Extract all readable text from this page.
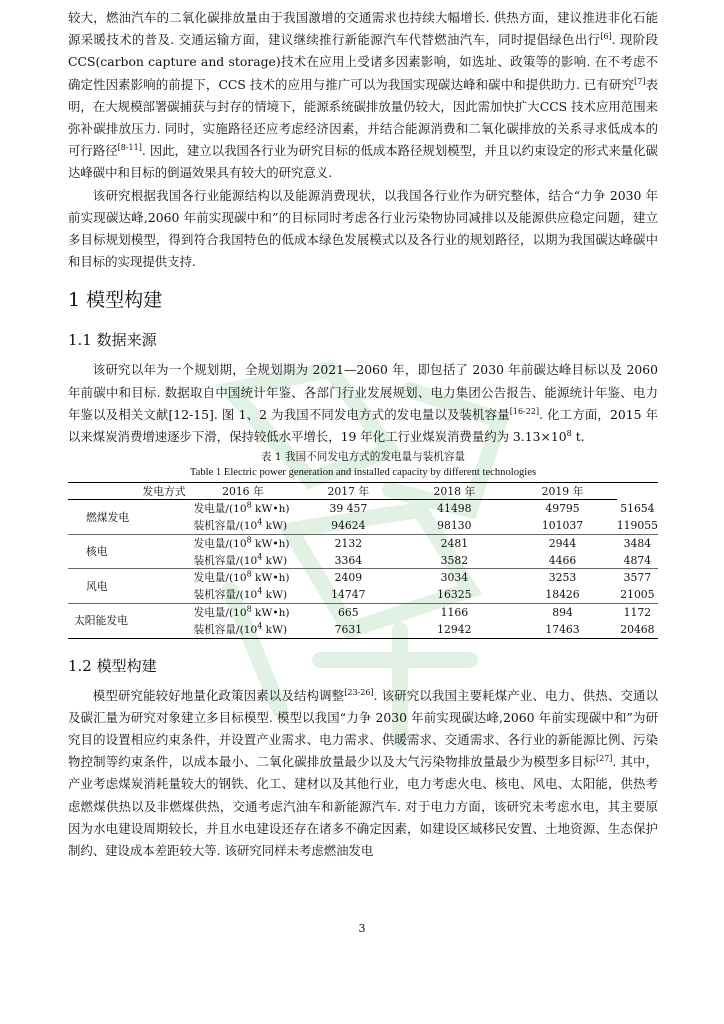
较大，燃油汽车的二氧化碳排放量由于我国激增的交通需求也持续大幅增长. 供热方面，建议推进非化石能源采暖技术的普及. 交通运输方面，建议继续推行新能源汽车代替燃油汽车，同时提倡绿色出行[6]. 现阶段 CCS(carbon capture and storage)技术在应用上受诸多因素影响，如选址、政策等的影响. 在不考虑不确定性因素影响的前提下，CCS 技术的应用与推广可以为我国实现碳达峰和碳中和提供助力. 已有研究[7]表明，在大规模部署碳捕获与封存的情境下，能源系统碳排放量仍较大，因此需加快扩大CCS 技术应用范围来弥补碳排放压力. 同时，实施路径还应考虑经济因素，并结合能源消费和二氧化碳排放的关系寻求低成本的可行路径[8-11]. 因此，建立以我国各行业为研究目标的低成本路径规划模型，并且以约束设定的形式来量化碳达峰碳中和目标的倒逼效果具有较大的研究意义.

该研究根据我国各行业能源结构以及能源消费现状，以我国各行业作为研究整体，结合“力争 2030 年前实现碳达峰,2060 年前实现碳中和”的目标同时考虑各行业污染物协同减排以及能源供应稳定问题，建立多目标规划模型，得到符合我国特色的低成本绿色发展模式以及各行业的规划路径，以期为我国碳达峰碳中和目标的实现提供支持.

1 模型构建
1.1 数据来源

该研究以年为一个规划期，全规划期为 2021—2060 年，即包括了 2030 年前碳达峰目标以及 2060 年前碳中和目标. 数据取自中国统计年鉴、各部门行业发展规划、电力集团公告报告、能源统计年鉴、电力年鉴以及相关文献[12-15]. 图 1、2 为我国不同发电方式的发电量以及装机容量[16-22]. 化工方面，2015 年以来煤炭消费增速逐步下滑，保持较低水平增长，19 年化工行业煤炭消费量约为 $3.13\times 10^8$ t.

表 1 我国不同发电方式的发电量与装机容量

Table 1 Electric power generation and installed capacity by different technologies

发电方式	2016 年	2017 年	2018 年	2019 年	
燃煤发电	发电量$/(10^8$ kW•h)	39 457	41498	49795	51654
	装机容量$/(10^4$ kW)	94624	98130	101037	119055
核电	发电量$/(10^8$ kW•h)	2132	2481	2944	3484
	装机容量$/(10^4$ kW)	3364	3582	4466	4874
风电	发电量$/(10^8$ kW•h)	2409	3034	3253	3577
	装机容量$/(10^4$ kW)	14747	16325	18426	21005
太阳能发电	发电量$/(10^8$ kW•h)	665	1166	894	1172
	装机容量$/(10^4$ kW)	7631	12942	17463	20468
1.2 模型构建

模型研究能较好地量化政策因素以及结构调整[23-26]. 该研究以我国主要耗煤产业、电力、供热、交通以及碳汇量为研究对象建立多目标模型. 模型以我国“力争 2030 年前实现碳达峰,2060 年前实现碳中和”为研究目的设置相应约束条件，并设置产业需求、电力需求、供暖需求、交通需求、各行业的新能源比例、污染物控制等约束条件，以成本最小、二氧化碳排放量最少以及大气污染物排放量最少为模型多目标[27]. 其中，产业考虑煤炭消耗量较大的钢铁、化工、建材以及其他行业，电力考虑火电、核电、风电、太阳能，供热考虑燃煤供热以及非燃煤供热，交通考虑汽油车和新能源汽车. 对于电力方面，该研究未考虑水电，其主要原因为水电建设周期较长，并且水电建设还存在诸多不确定因素，如建设区域移民安置、土地资源、生态保护制约、建设成本差距较大等. 该研究同样未考虑燃油发电

3
